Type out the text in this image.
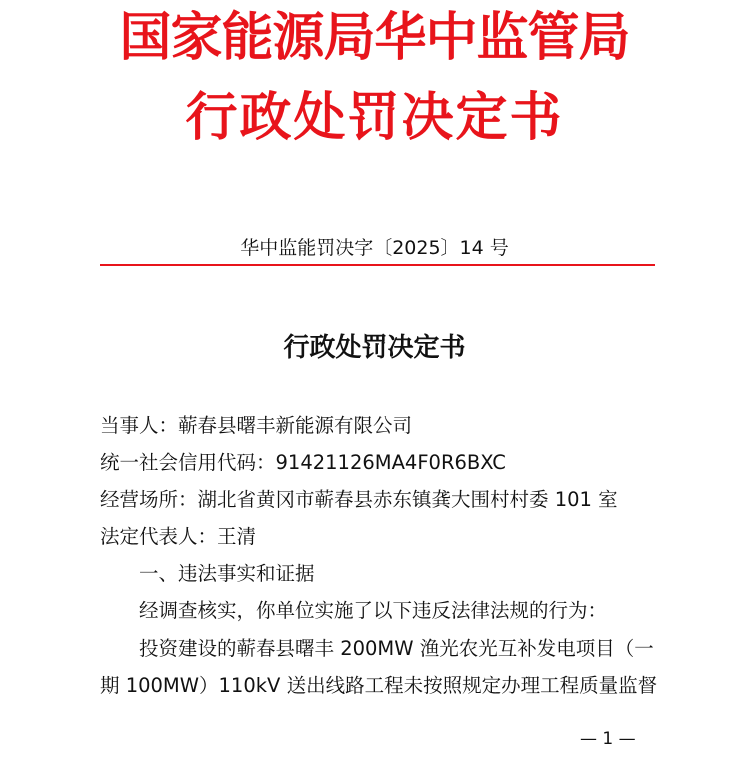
国家能源局华中监管局
行政处罚决定书
华中监能罚决字〔2025〕14 号
行政处罚决定书
当事人：蕲春县曙丰新能源有限公司
统一社会信用代码：91421126MA4F0R6BXC
经营场所：湖北省黄冈市蕲春县赤东镇龚大围村村委 101 室
法定代表人：王清
一、违法事实和证据
经调查核实，你单位实施了以下违反法律法规的行为：
投资建设的蕲春县曙丰 200MW 渔光农光互补发电项目（一
期 100MW）110kV 送出线路工程未按照规定办理工程质量监督
— 1 —
